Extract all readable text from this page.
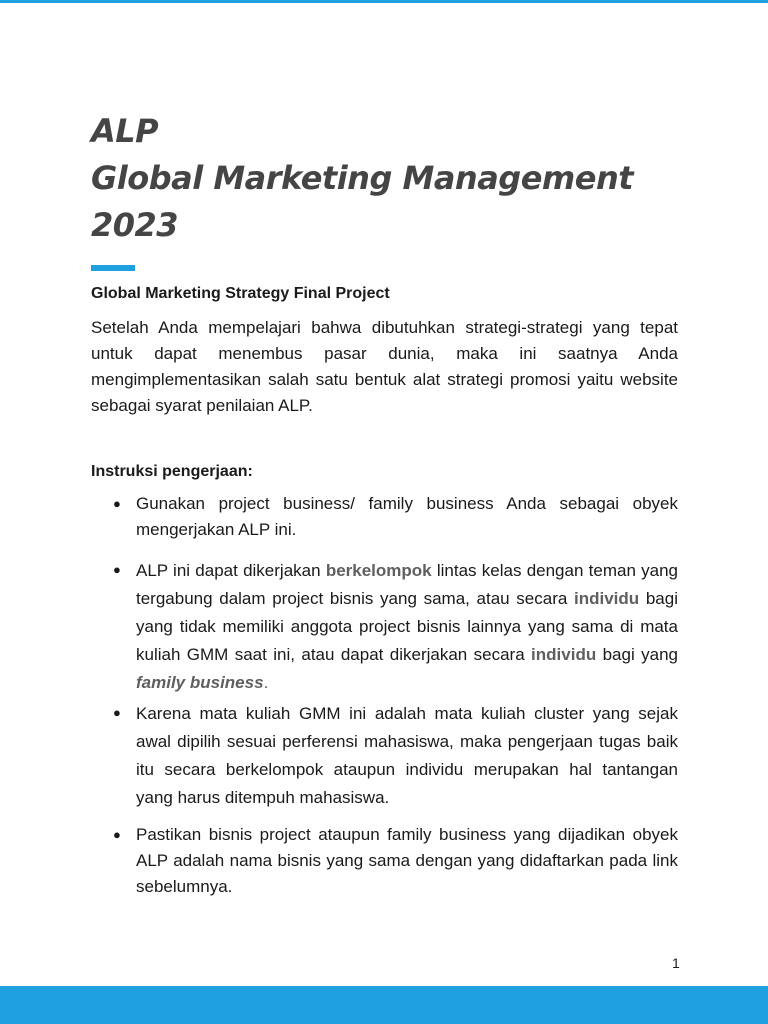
ALP
Global Marketing Management
2023
Global Marketing Strategy Final Project

Setelah Anda mempelajari bahwa dibutuhkan strategi-strategi yang tepat untuk dapat menembus pasar dunia, maka ini saatnya Anda mengimplementasikan salah satu bentuk alat strategi promosi yaitu website sebagai syarat penilaian ALP.

Instruksi pengerjaan:
● Gunakan project business/ family business Anda sebagai obyek mengerjakan ALP ini.
● ALP ini dapat dikerjakan berkelompok lintas kelas dengan teman yang tergabung dalam project bisnis yang sama, atau secara individu bagi yang tidak memiliki anggota project bisnis lainnya yang sama di mata kuliah GMM saat ini, atau dapat dikerjakan secara individu bagi yang family business.
● Karena mata kuliah GMM ini adalah mata kuliah cluster yang sejak awal dipilih sesuai perferensi mahasiswa, maka pengerjaan tugas baik itu secara berkelompok ataupun individu merupakan hal tantangan yang harus ditempuh mahasiswa.
● Pastikan bisnis project ataupun family business yang dijadikan obyek ALP adalah nama bisnis yang sama dengan yang didaftarkan pada link sebelumnya.
1
